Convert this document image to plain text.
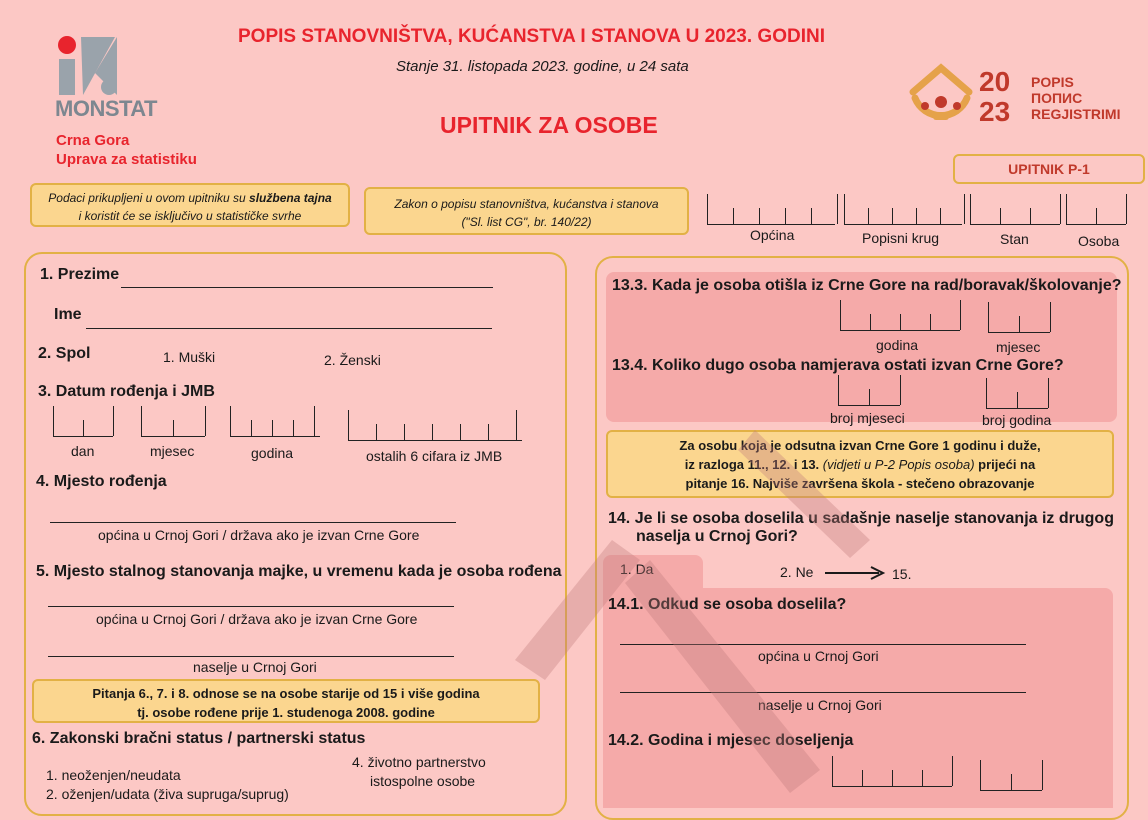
MONSTAT
Crna Gora
Uprava za statistiku
POPIS STANOVNIŠTVA, KUĆANSTVA I STANOVA U 2023. GODINI
Stanje 31. listopada 2023. godine, u 24 sata
UPITNIK ZA OSOBE
20
23
POPIS
ПОПИС
REGJISTRIMI
UPITNIK P-1
Podaci prikupljeni u ovom upitniku su službena tajna
i koristit će se isključivo u statističke svrhe
Zakon o popisu stanovništva, kućanstva i stanova
("Sl. list CG", br. 140/22)
Općina	Popisni krug	Stan	Osoba
1. Prezime
Ime
2. Spol	1. Muški	2. Ženski
3. Datum rođenja i JMB
dan	mjesec	godina	ostalih 6 cifara iz JMB
4. Mjesto rođenja
općina u Crnoj Gori / država ako je izvan Crne Gore
5. Mjesto stalnog stanovanja majke, u vremenu kada je osoba rođena
općina u Crnoj Gori / država ako je izvan Crne Gore
naselje u Crnoj Gori
Pitanja 6., 7. i 8. odnose se na osobe starije od 15 i više godina
tj. osobe rođene prije 1. studenoga 2008. godine
6. Zakonski bračni status / partnerski status
1. neoženjen/neudata
2. oženjen/udata (živa supruga/suprug)
4. životno partnerstvo
istospolne osobe
13.3. Kada je osoba otišla iz Crne Gore na rad/boravak/školovanje?
godina	mjesec
13.4. Koliko dugo osoba namjerava ostati izvan Crne Gore?
broj mjeseci	broj godina
Za osobu koja je odsutna izvan Crne Gore 1 godinu i duže,
iz razloga 11., 12. i 13. (vidjeti u P-2 Popis osoba) prijeći na
pitanje 16. Najviše završena škola - stečeno obrazovanje
14. Je li se osoba doselila u sadašnje naselje stanovanja iz drugog
naselja u Crnoj Gori?
1. Da	2. Ne	15.
14.1. Odkud se osoba doselila?
općina u Crnoj Gori
naselje u Crnoj Gori
14.2. Godina i mjesec doseljenja
